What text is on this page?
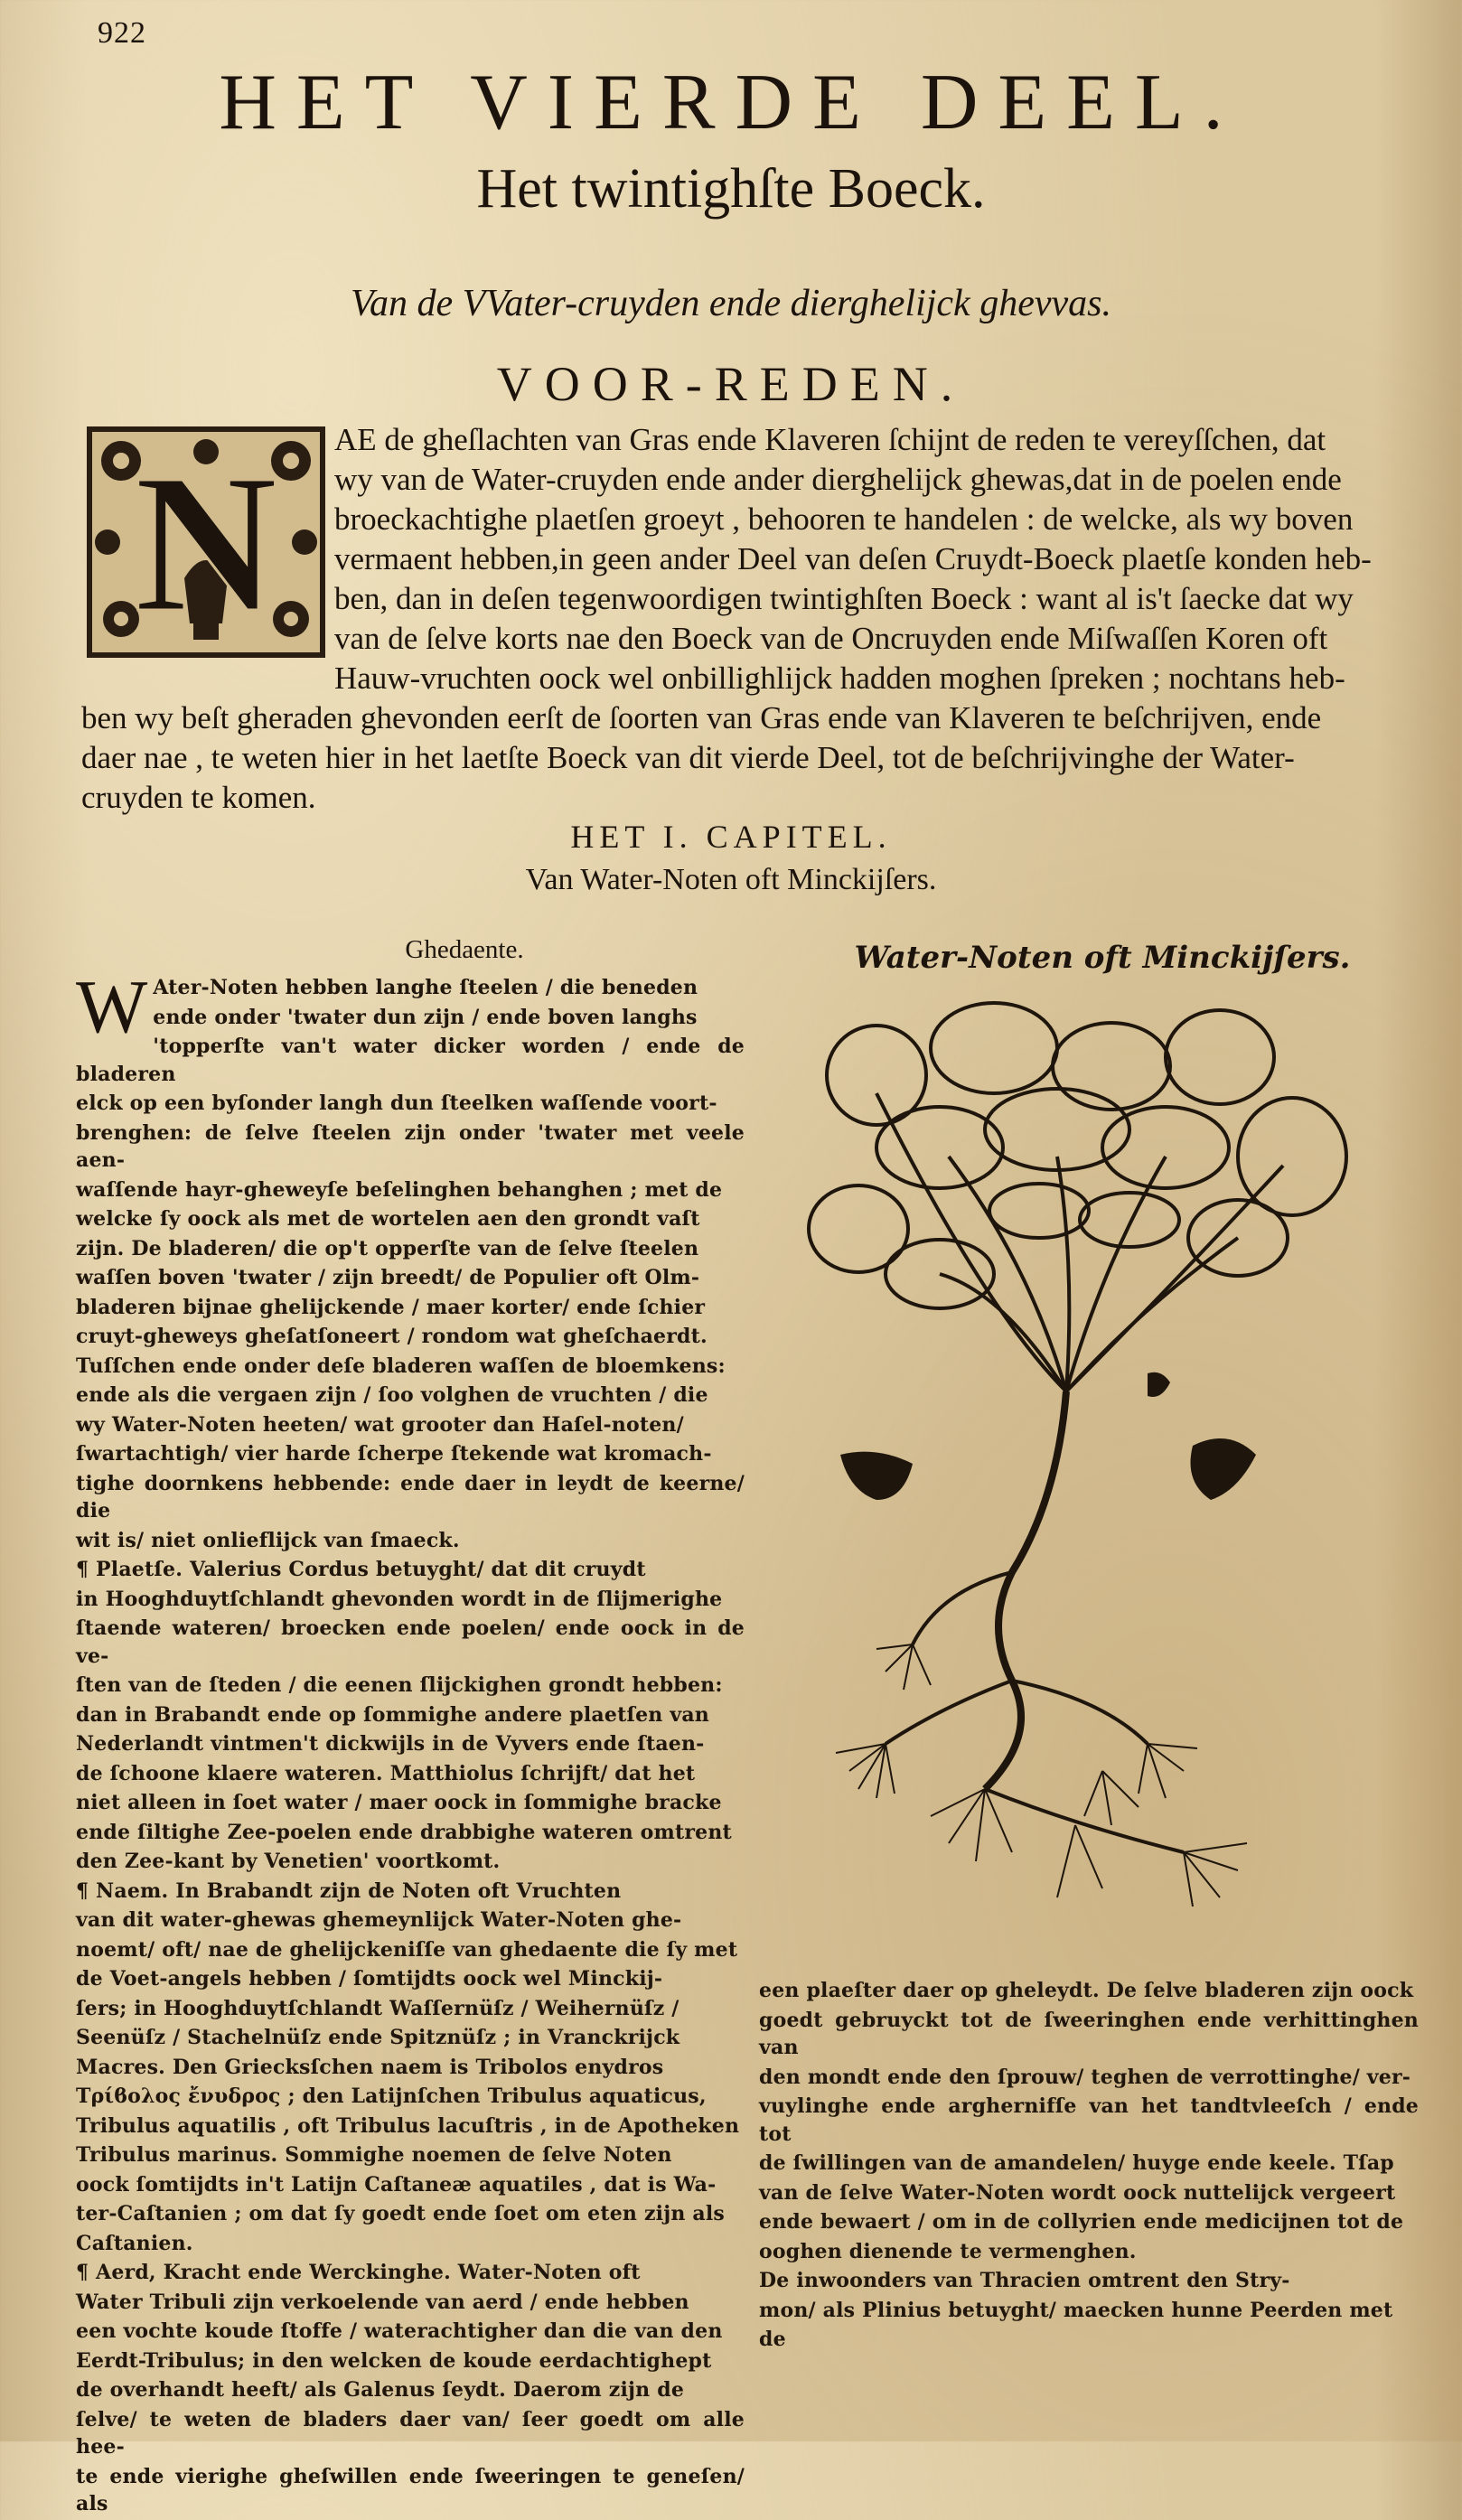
922
HET VIERDE DEEL.
Het twintighſte Boeck.
Van de VVater-cruyden ende dierghelijck ghevvas.
VOOR-REDEN.
N AE de gheſlachten van Gras ende Klaveren ſchijnt de reden te vereyſſchen, dat
wy van de Water-cruyden ende ander dierghelijck ghewas,dat in de poelen ende
broeckachtighe plaetſen groeyt , behooren te handelen : de welcke, als wy boven
vermaent hebben,in geen ander Deel van deſen Cruydt-Boeck plaetſe konden heb-
ben, dan in deſen tegenwoordigen twintighſten Boeck : want al is't ſaecke dat wy
van de ſelve korts nae den Boeck van de Oncruyden ende Miſwaſſen Koren oft
Hauw-vruchten oock wel onbillighlijck hadden moghen ſpreken ; nochtans heb-
ben wy beſt gheraden ghevonden eerſt de ſoorten van Gras ende van Klaveren te beſchrijven, ende
daer nae , te weten hier in het laetſte Boeck van dit vierde Deel, tot de beſchrijvinghe der Water-
cruyden te komen.
HET I. CAPITEL.
Van Water-Noten oft Minckijſers.
Ghedaente.
W Ater-Noten hebben langhe ſteelen / die beneden
ende onder 'twater dun zijn / ende boven langhs
'topperſte van't water dicker worden / ende de bladeren
elck op een byſonder langh dun ſteelken waſſende voort-
brenghen: de ſelve ſteelen zijn onder 'twater met veele aen-
waſſende hayr-gheweyſe beſelinghen behanghen ; met de
welcke ſy oock als met de wortelen aen den grondt vaſt
zijn. De bladeren/ die op't opperſte van de ſelve ſteelen
waſſen boven 'twater / zijn breedt/ de Populier oft Olm-
bladeren bijnae ghelijckende / maer korter/ ende ſchier
cruyt-gheweys gheſatſoneert / rondom wat gheſchaerdt.
Tuſſchen ende onder deſe bladeren waſſen de bloemkens:
ende als die vergaen zijn / ſoo volghen de vruchten / die
wy Water-Noten heeten/ wat grooter dan Haſel-noten/
ſwartachtigh/ vier harde ſcherpe ſtekende wat kromach-
tighe doornkens hebbende: ende daer in leydt de keerne/ die
wit is/ niet onlieflijck van ſmaeck.
¶ Plaetſe. Valerius Cordus betuyght/ dat dit cruydt
in Hooghduytſchlandt ghevonden wordt in de ſlijmerighe
ſtaende wateren/ broecken ende poelen/ ende oock in de ve-
ſten van de ſteden / die eenen ſlijckighen grondt hebben:
dan in Brabandt ende op ſommighe andere plaetſen van
Nederlandt vintmen't dickwijls in de Vyvers ende ſtaen-
de ſchoone klaere wateren. Matthiolus ſchrijft/ dat het
niet alleen in ſoet water / maer oock in ſommighe bracke
ende ſiltighe Zee-poelen ende drabbighe wateren omtrent
den Zee-kant by Venetien' voortkomt.
¶ Naem. In Brabandt zijn de Noten oft Vruchten
van dit water-ghewas ghemeynlijck Water-Noten ghe-
noemt/ oft/ nae de ghelijckeniſſe van ghedaente die ſy met
de Voet-angels hebben / ſomtijdts oock wel Minckij-
ſers; in Hooghduytſchlandt Waſſernüſz / Weihernüſz /
Seenüſz / Stachelnüſz ende Spitznüſz ; in Vranckrijck
Macres. Den Griecksſchen naem is Tribolos enydros
Τρίϐολος ἔνυδρος ; den Latijnſchen Tribulus aquaticus,
Tribulus aquatilis , oft Tribulus lacuſtris , in de Apotheken
Tribulus marinus. Sommighe noemen de ſelve Noten
oock ſomtijdts in't Latijn Caſtaneæ aquatiles , dat is Wa-
ter-Caſtanien ; om dat ſy goedt ende ſoet om eten zijn als
Caſtanien.
¶ Aerd, Kracht ende Werckinghe. Water-Noten oft
Water Tribuli zijn verkoelende van aerd / ende hebben
een vochte koude ſtoffe / waterachtigher dan die van den
Eerdt-Tribulus; in den welcken de koude eerdachtighept
de overhandt heeft/ als Galenus ſeydt. Daerom zijn de
ſelve/ te weten de bladers daer van/ ſeer goedt om alle hee-
te ende vierighe gheſwillen ende ſweeringen te geneſen/ als
Water-Noten oft Minckijſers.
een plaeſter daer op gheleydt. De ſelve bladeren zijn oock
goedt gebruyckt tot de ſweeringhen ende verhittinghen van
den mondt ende den ſprouw/ teghen de verrottinghe/ ver-
vuylinghe ende arghernifſe van het tandtvleeſch / ende tot
de ſwillingen van de amandelen/ huyge ende keele. Tſap
van de ſelve Water-Noten wordt oock nuttelijck vergeert
ende bewaert / om in de collyrien ende medicijnen tot de
ooghen dienende te vermenghen.
De inwoonders van Thracien omtrent den Stry-
mon/ als Plinius betuyght/ maecken hunne Peerden met
de
